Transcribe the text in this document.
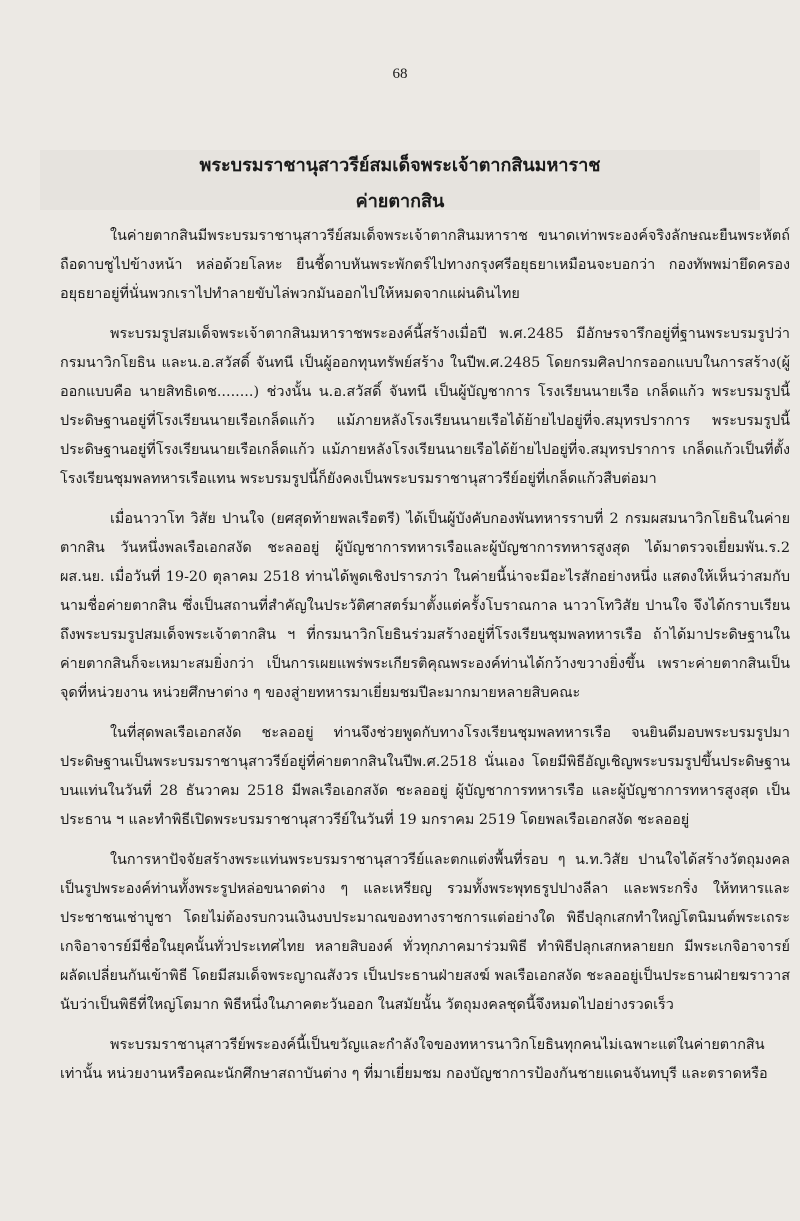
68
พระบรมราชานุสาวรีย์สมเด็จพระเจ้าตากสินมหาราช
ค่ายตากสิน

ในค่ายตากสินมีพระบรมราชานุสาวรีย์สมเด็จพระเจ้าตากสินมหาราช ขนาดเท่าพระองค์จริงลักษณะยืนพระหัตถ์ถือดาบชูไปข้างหน้า หล่อด้วยโลหะ ยืนชี้ดาบหันพระพักตร์ไปทางกรุงศรีอยุธยาเหมือนจะบอกว่า กองทัพพม่ายึดครองอยุธยาอยู่ที่นั่นพวกเราไปทำลายขับไล่พวกมันออกไปให้หมดจากแผ่นดินไทย

พระบรมรูปสมเด็จพระเจ้าตากสินมหาราชพระองค์นี้สร้างเมื่อปี พ.ศ.2485 มีอักษรจารึกอยู่ที่ฐานพระบรมรูปว่ากรมนาวิกโยธิน และน.อ.สวัสดิ์ จันทนี เป็นผู้ออกทุนทรัพย์สร้าง ในปีพ.ศ.2485 โดยกรมศิลปากรออกแบบในการสร้าง(ผู้ออกแบบคือ นายสิทธิเดช........) ช่วงนั้น น.อ.สวัสดิ์ จันทนี เป็นผู้บัญชาการ โรงเรียนนายเรือ เกล็ดแก้ว พระบรมรูปนี้ประดิษฐานอยู่ที่โรงเรียนนายเรือเกล็ดแก้ว แม้ภายหลังโรงเรียนนายเรือได้ย้ายไปอยู่ที่จ.สมุทรปราการ พระบรมรูปนี้ประดิษฐานอยู่ที่โรงเรียนนายเรือเกล็ดแก้ว แม้ภายหลังโรงเรียนนายเรือได้ย้ายไปอยู่ที่จ.สมุทรปราการ เกล็ดแก้วเป็นที่ตั้งโรงเรียนชุมพลทหารเรือแทน พระบรมรูปนี้ก็ยังคงเป็นพระบรมราชานุสาวรีย์อยู่ที่เกล็ดแก้วสืบต่อมา

เมื่อนาวาโท วิสัย ปานใจ (ยศสุดท้ายพลเรือตรี) ได้เป็นผู้บังคับกองพันทหารราบที่ 2 กรมผสมนาวิกโยธินในค่ายตากสิน วันหนึ่งพลเรือเอกสงัด ชะลออยู่ ผู้บัญชาการทหารเรือและผู้บัญชาการทหารสูงสุด ได้มาตรวจเยี่ยมพัน.ร.2 ผส.นย. เมื่อวันที่ 19-20 ตุลาคม 2518 ท่านได้พูดเชิงปรารภว่า ในค่ายนี้น่าจะมีอะไรสักอย่างหนึ่ง แสดงให้เห็นว่าสมกับนามชื่อค่ายตากสิน ซึ่งเป็นสถานที่สำคัญในประวัติศาสตร์มาตั้งแต่ครั้งโบราณกาล นาวาโทวิสัย ปานใจ จึงได้กราบเรียนถึงพระบรมรูปสมเด็จพระเจ้าตากสิน ฯ ที่กรมนาวิกโยธินร่วมสร้างอยู่ที่โรงเรียนชุมพลทหารเรือ ถ้าได้มาประดิษฐานในค่ายตากสินก็จะเหมาะสมยิ่งกว่า เป็นการเผยแพร่พระเกียรติคุณพระองค์ท่านได้กว้างขวางยิ่งขึ้น เพราะค่ายตากสินเป็นจุดที่หน่วยงาน หน่วยศึกษาต่าง ๆ ของสู่ายทหารมาเยี่ยมชมปีละมากมายหลายสิบคณะ

ในที่สุดพลเรือเอกสงัด ชะลออยู่ ท่านจึงช่วยพูดกับทางโรงเรียนชุมพลทหารเรือ จนยินดีมอบพระบรมรูปมาประดิษฐานเป็นพระบรมราชานุสาวรีย์อยู่ที่ค่ายตากสินในปีพ.ศ.2518 นั่นเอง โดยมีพิธีอัญเชิญพระบรมรูปขึ้นประดิษฐานบนแท่นในวันที่ 28 ธันวาคม 2518 มีพลเรือเอกสงัด ชะลออยู่ ผู้บัญชาการทหารเรือ และผู้บัญชาการทหารสูงสุด เป็นประธาน ฯ และทำพิธีเปิดพระบรมราชานุสาวรีย์ในวันที่ 19 มกราคม 2519 โดยพลเรือเอกสงัด ชะลออยู่

ในการหาปัจจัยสร้างพระแท่นพระบรมราชานุสาวรีย์และตกแต่งพื้นที่รอบ ๆ น.ท.วิสัย ปานใจได้สร้างวัตถุมงคลเป็นรูปพระองค์ท่านทั้งพระรูปหล่อขนาดต่าง ๆ และเหรียญ รวมทั้งพระพุทธรูปปางลีลา และพระกริ่ง ให้ทหารและประชาชนเช่าบูชา โดยไม่ต้องรบกวนเงินงบประมาณของทางราชการแต่อย่างใด พิธีปลุกเสกทำใหญ่โตนิมนต์พระเถระเกจิอาจารย์มีชื่อในยุคนั้นทั่วประเทศไทย หลายสิบองค์ ทั่วทุกภาคมาร่วมพิธี ทำพิธีปลุกเสกหลายยก มีพระเกจิอาจารย์ผลัดเปลี่ยนกันเข้าพิธี โดยมีสมเด็จพระญาณสังวร เป็นประธานฝ่ายสงฆ์ พลเรือเอกสงัด ชะลออยู่เป็นประธานฝ่ายฆราวาส นับว่าเป็นพิธีที่ใหญ่โตมาก พิธีหนึ่งในภาคตะวันออก ในสมัยนั้น วัตถุมงคลชุดนี้จึงหมดไปอย่างรวดเร็ว

พระบรมราชานุสาวรีย์พระองค์นี้เป็นขวัญและกำลังใจของทหารนาวิกโยธินทุกคนไม่เฉพาะแต่ในค่ายตากสินเท่านั้น หน่วยงานหรือคณะนักศึกษาสถาบันต่าง ๆ ที่มาเยี่ยมชม กองบัญชาการป้องกันชายแดนจันทบุรี และตราดหรือ
